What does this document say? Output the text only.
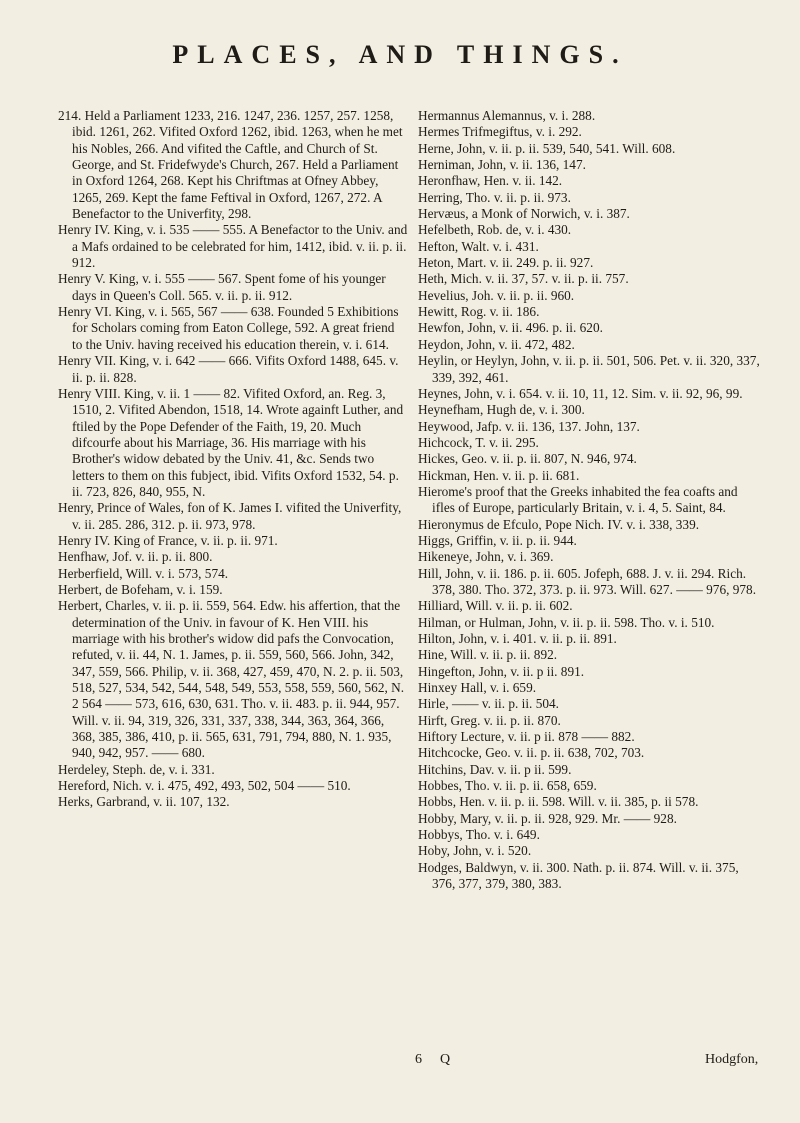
PLACES, AND THINGS.

214. Held a Parliament 1233, 216. 1247, 236. 1257, 257. 1258, ibid. 1261, 262. Vifited Oxford 1262, ibid. 1263, when he met his Nobles, 266. And vifited the Caftle, and Church of St. George, and St. Fridefwyde's Church, 267. Held a Parliament in Oxford 1264, 268. Kept his Chriftmas at Ofney Abbey, 1265, 269. Kept the fame Feftival in Oxford, 1267, 272. A Benefactor to the Univerfity, 298.

Henry IV. King, v. i. 535 —— 555. A Benefactor to the Univ. and a Mafs ordained to be celebrated for him, 1412, ibid. v. ii. p. ii. 912.

Henry V. King, v. i. 555 —— 567. Spent fome of his younger days in Queen's Coll. 565. v. ii. p. ii. 912.

Henry VI. King, v. i. 565, 567 —— 638. Founded 5 Exhibitions for Scholars coming from Eaton College, 592. A great friend to the Univ. having received his education therein, v. i. 614.

Henry VII. King, v. i. 642 —— 666. Vifits Oxford 1488, 645. v. ii. p. ii. 828.

Henry VIII. King, v. ii. 1 —— 82. Vifited Oxford, an. Reg. 3, 1510, 2. Vifited Abendon, 1518, 14. Wrote againft Luther, and ftiled by the Pope Defender of the Faith, 19, 20. Much difcourfe about his Marriage, 36. His marriage with his Brother's widow debated by the Univ. 41, &c. Sends two letters to them on this fubject, ibid. Vifits Oxford 1532, 54. p. ii. 723, 826, 840, 955, N.

Henry, Prince of Wales, fon of K. James I. vifited the Univerfity, v. ii. 285. 286, 312. p. ii. 973, 978.

Henry IV. King of France, v. ii. p. ii. 971.

Henfhaw, Jof. v. ii. p. ii. 800.

Herberfield, Will. v. i. 573, 574.

Herbert, de Bofeham, v. i. 159.

Herbert, Charles, v. ii. p. ii. 559, 564. Edw. his affertion, that the determination of the Univ. in favour of K. Hen VIII. his marriage with his brother's widow did pafs the Convocation, refuted, v. ii. 44, N. 1. James, p. ii. 559, 560, 566. John, 342, 347, 559, 566. Philip, v. ii. 368, 427, 459, 470, N. 2. p. ii. 503, 518, 527, 534, 542, 544, 548, 549, 553, 558, 559, 560, 562, N. 2 564 —— 573, 616, 630, 631. Tho. v. ii. 483. p. ii. 944, 957. Will. v. ii. 94, 319, 326, 331, 337, 338, 344, 363, 364, 366, 368, 385, 386, 410, p. ii. 565, 631, 791, 794, 880, N. 1. 935, 940, 942, 957. —— 680.

Herdeley, Steph. de, v. i. 331.

Hereford, Nich. v. i. 475, 492, 493, 502, 504 —— 510.

Herks, Garbrand, v. ii. 107, 132.

Hermannus Alemannus, v. i. 288.

Hermes Trifmegiftus, v. i. 292.

Herne, John, v. ii. p. ii. 539, 540, 541. Will. 608.

Herniman, John, v. ii. 136, 147.

Heronfhaw, Hen. v. ii. 142.

Herring, Tho. v. ii. p. ii. 973.

Hervæus, a Monk of Norwich, v. i. 387.

Hefelbeth, Rob. de, v. i. 430.

Hefton, Walt. v. i. 431.

Heton, Mart. v. ii. 249. p. ii. 927.

Heth, Mich. v. ii. 37, 57. v. ii. p. ii. 757.

Hevelius, Joh. v. ii. p. ii. 960.

Hewitt, Rog. v. ii. 186.

Hewfon, John, v. ii. 496. p. ii. 620.

Heydon, John, v. ii. 472, 482.

Heylin, or Heylyn, John, v. ii. p. ii. 501, 506. Pet. v. ii. 320, 337, 339, 392, 461.

Heynes, John, v. i. 654. v. ii. 10, 11, 12. Sim. v. ii. 92, 96, 99.

Heynefham, Hugh de, v. i. 300.

Heywood, Jafp. v. ii. 136, 137. John, 137.

Hichcock, T. v. ii. 295.

Hickes, Geo. v. ii. p. ii. 807, N. 946, 974.

Hickman, Hen. v. ii. p. ii. 681.

Hierome's proof that the Greeks inhabited the fea coafts and ifles of Europe, particularly Britain, v. i. 4, 5. Saint, 84.

Hieronymus de Efculo, Pope Nich. IV. v. i. 338, 339.

Higgs, Griffin, v. ii. p. ii. 944.

Hikeneye, John, v. i. 369.

Hill, John, v. ii. 186. p. ii. 605. Jofeph, 688. J. v. ii. 294. Rich. 378, 380. Tho. 372, 373. p. ii. 973. Will. 627. —— 976, 978.

Hilliard, Will. v. ii. p. ii. 602.

Hilman, or Hulman, John, v. ii. p. ii. 598. Tho. v. i. 510.

Hilton, John, v. i. 401. v. ii. p. ii. 891.

Hine, Will. v. ii. p. ii. 892.

Hingefton, John, v. ii. p ii. 891.

Hinxey Hall, v. i. 659.

Hirle, —— v. ii. p. ii. 504.

Hirft, Greg. v. ii. p. ii. 870.

Hiftory Lecture, v. ii. p ii. 878 —— 882.

Hitchcocke, Geo. v. ii. p. ii. 638, 702, 703.

Hitchins, Dav. v. ii. p ii. 599.

Hobbes, Tho. v. ii. p. ii. 658, 659.

Hobbs, Hen. v. ii. p. ii. 598. Will. v. ii. 385, p. ii 578.

Hobby, Mary, v. ii. p. ii. 928, 929. Mr. —— 928.

Hobbys, Tho. v. i. 649.

Hoby, John, v. i. 520.

Hodges, Baldwyn, v. ii. 300. Nath. p. ii. 874. Will. v. ii. 375, 376, 377, 379, 380, 383.

6 Q	Hodgfon,
